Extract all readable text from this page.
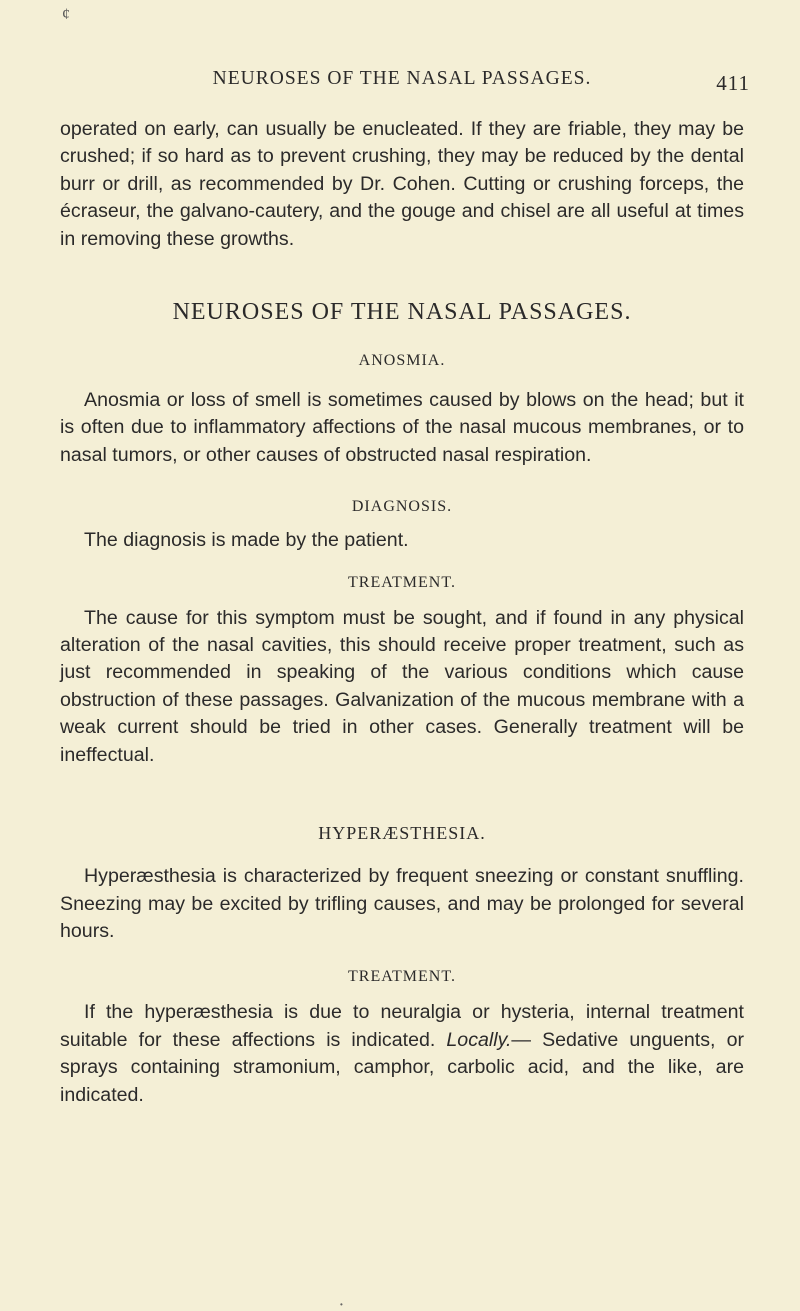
¢
NEUROSES OF THE NASAL PASSAGES.	411

operated on early, can usually be enucleated. If they are friable, they may be crushed; if so hard as to prevent crushing, they may be reduced by the dental burr or drill, as recommended by Dr. Cohen. Cutting or crushing forceps, the écraseur, the galvano-cautery, and the gouge and chisel are all useful at times in removing these growths.

NEUROSES OF THE NASAL PASSAGES.
ANOSMIA.

Anosmia or loss of smell is sometimes caused by blows on the head; but it is often due to inflammatory affections of the nasal mucous membranes, or to nasal tumors, or other causes of obstructed nasal respiration.

DIAGNOSIS.

The diagnosis is made by the patient.

TREATMENT.

The cause for this symptom must be sought, and if found in any physical alteration of the nasal cavities, this should receive proper treatment, such as just recommended in speaking of the various conditions which cause obstruction of these passages. Galvanization of the mucous membrane with a weak current should be tried in other cases. Generally treatment will be ineffectual.

HYPERÆSTHESIA.

Hyperæsthesia is characterized by frequent sneezing or constant snuffling. Sneezing may be excited by trifling causes, and may be prolonged for several hours.

TREATMENT.

If the hyperæsthesia is due to neuralgia or hysteria, internal treatment suitable for these affections is indicated. Locally.— Sedative unguents, or sprays containing stramonium, camphor, carbolic acid, and the like, are indicated.

•
